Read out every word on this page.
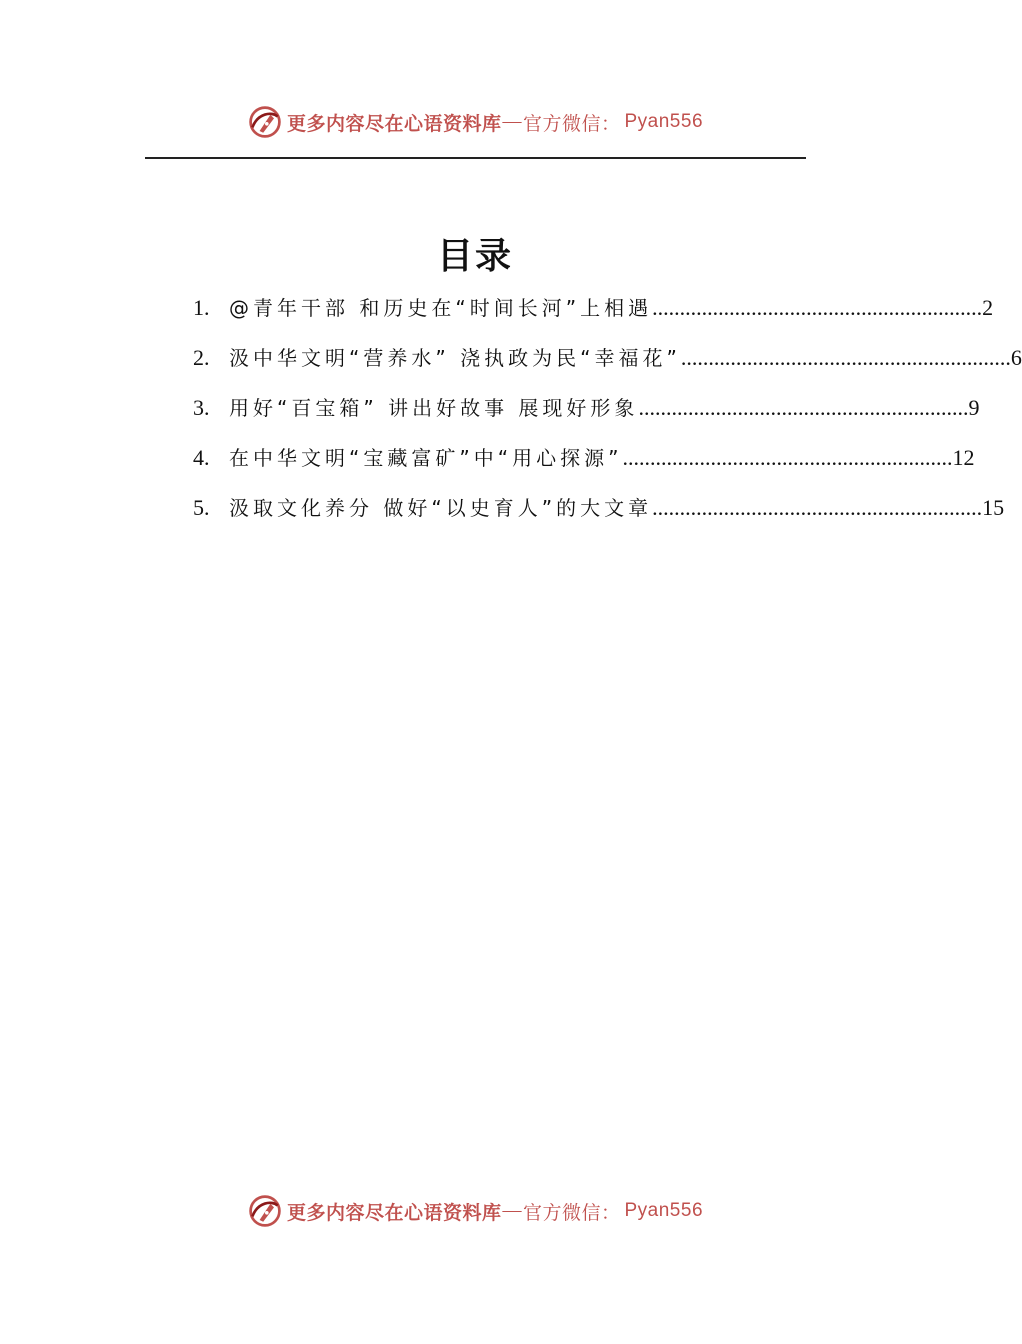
更多内容尽在心语资料库 — 官方微信： Pyan556
目录
1. @青年干部 和历史在“时间长河”上相遇 ............................................................ 2
2. 汲中华文明“营养水” 浇执政为民“幸福花” ............................................................ 6
3. 用好“百宝箱” 讲出好故事 展现好形象 ............................................................ 9
4. 在中华文明“宝藏富矿”中“用心探源” ............................................................ 12
5. 汲取文化养分 做好“以史育人”的大文章 ............................................................ 15
更多内容尽在心语资料库 — 官方微信： Pyan556
